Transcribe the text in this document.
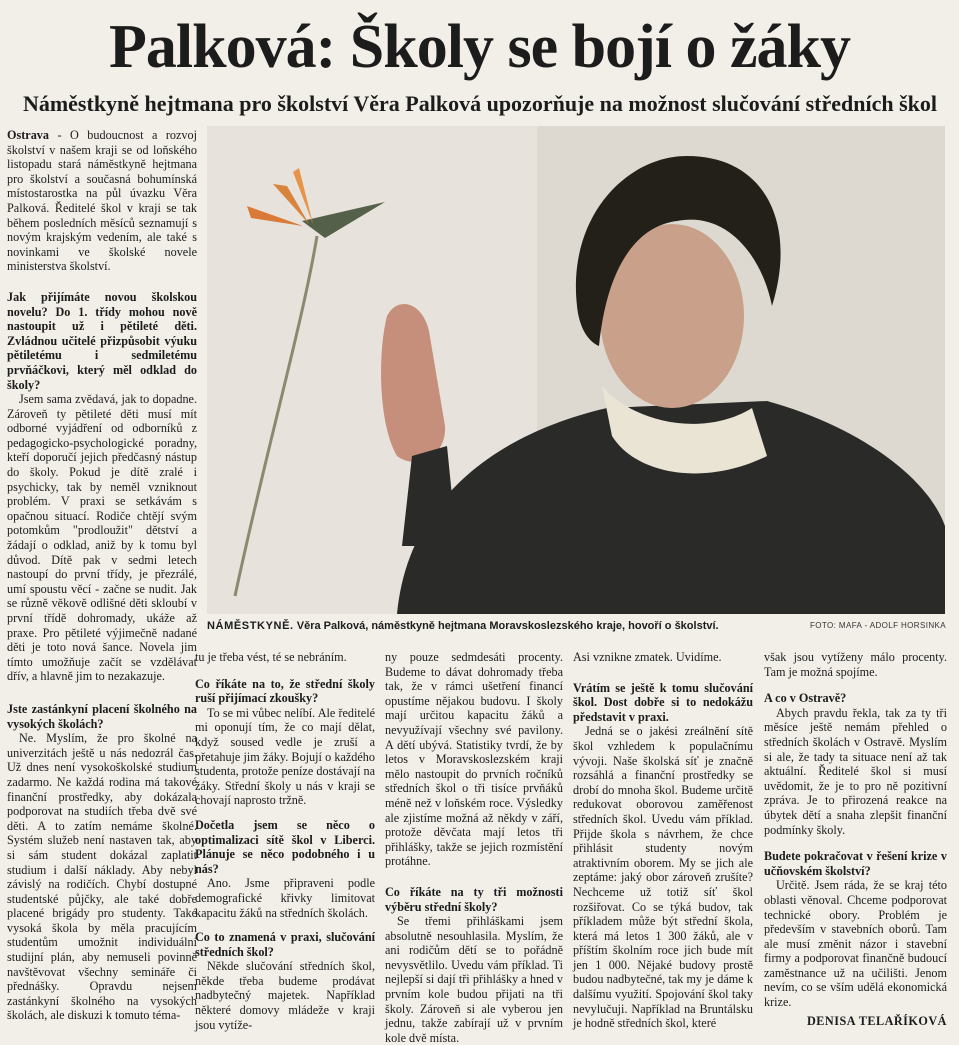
Palková: Školy se bojí o žáky
Náměstkyně hejtmana pro školství Věra Palková upozorňuje na možnost slučování středních škol

Ostrava - O budoucnost a rozvoj školství v našem kraji se od loňského listopadu stará náměstkyně hejtmana pro školství a současná bohumínská místostarostka na půl úvazku Věra Palková. Ředitelé škol v kraji se tak během posledních měsíců seznamují s novým krajským vedením, ale také s novinkami ve školské novele ministerstva školství.

Jak přijímáte novou školskou novelu? Do 1. třídy mohou nově nastoupit už i pětileté děti. Zvládnou učitelé přizpůsobit výuku pětiletému i sedmiletému prvňáčkovi, který měl odklad do školy?

Jsem sama zvědavá, jak to dopadne. Zároveň ty pětileté děti musí mít odborné vyjádření od odborníků z pedagogicko-psychologické poradny, kteří doporučí jejich předčasný nástup do školy. Pokud je dítě zralé i psychicky, tak by neměl vzniknout problém. V praxi se setkávám s opačnou situací. Rodiče chtějí svým potomkům "prodloužit" dětství a žádají o odklad, aniž by k tomu byl důvod. Dítě pak v sedmi letech nastoupí do první třídy, je přezrálé, umí spoustu věcí - začne se nudit. Jak se různě věkově odlišné děti skloubí v první třídě dohromady, ukáže až praxe. Pro pětileté výjimečně nadané děti je toto nová šance. Novela jim tímto umožňuje začít se vzdělávat dřív, a hlavně jim to nezakazuje.

Jste zastánkyní placení školného na vysokých školách?

Ne. Myslím, že pro školné na univerzitách ještě u nás nedozrál čas. Už dnes není vysokoškolské studium zadarmo. Ne každá rodina má takové finanční prostředky, aby dokázala podporovat na studiích třeba dvě své děti. A to zatím nemáme školné. Systém služeb není nastaven tak, aby si sám student dokázal zaplatit studium i další náklady. Aby nebyl závislý na rodičích. Chybí dostupné studentské půjčky, ale také dobře placené brigády pro studenty. Také vysoká škola by měla pracujícím studentům umožnit individuální studijní plán, aby nemuseli povinně navštěvovat všechny semináře či přednášky. Opravdu nejsem zastánkyní školného na vysokých školách, ale diskuzi k tomuto téma-

NÁMĚSTKYNĚ. Věra Palková, náměstkyně hejtmana Moravskoslezského kraje, hovoří o školství.	FOTO: MAFA - ADOLF HORSINKA

tu je třeba vést, té se nebráním.

Co říkáte na to, že střední školy ruší přijímací zkoušky?

To se mi vůbec nelíbí. Ale ředitelé mi oponují tím, že co mají dělat, když soused vedle je zruší a přetahuje jim žáky. Bojují o každého studenta, protože peníze dostávají na žáky. Střední školy u nás v kraji se chovají naprosto tržně.

Dočetla jsem se něco o optimalizaci sítě škol v Liberci. Plánuje se něco podobného i u nás?

Ano. Jsme připraveni podle demografické křivky limitovat kapacitu žáků na středních školách.

Co to znamená v praxi, slučování středních škol?

Někde slučování středních škol, někde třeba budeme prodávat nadbytečný majetek. Například některé domovy mládeže v kraji jsou vytíže-

ny pouze sedmdesáti procenty. Budeme to dávat dohromady třeba tak, že v rámci ušetření financí opustíme nějakou budovu. I školy mají určitou kapacitu žáků a nevyužívají všechny své pavilony. A dětí ubývá. Statistiky tvrdí, že by letos v Moravskoslezském kraji mělo nastoupit do prvních ročníků středních škol o tři tisíce prvňáků méně než v loňském roce. Výsledky ale zjistíme možná až někdy v září, protože děvčata mají letos tři přihlášky, takže se jejich rozmístění protáhne.

Co říkáte na ty tři možnosti výběru střední školy?

Se třemi přihláškami jsem absolutně nesouhlasila. Myslím, že ani rodičům dětí se to pořádně nevysvětlilo. Uvedu vám příklad. Ti nejlepší si dají tři přihlášky a hned v prvním kole budou přijati na tři školy. Zároveň si ale vyberou jen jednu, takže zabírají už v prvním kole dvě místa.

Asi vznikne zmatek. Uvidíme.

Vrátím se ještě k tomu slučování škol. Dost dobře si to nedokážu představit v praxi.

Jedná se o jakési zreálnění sítě škol vzhledem k populačnímu vývoji. Naše školská síť je značně rozsáhlá a finanční prostředky se drobí do mnoha škol. Budeme určitě redukovat oborovou zaměřenost středních škol. Uvedu vám příklad. Přijde škola s návrhem, že chce přihlásit studenty novým atraktivním oborem. My se jich ale zeptáme: jaký obor zároveň zrušíte? Nechceme už totiž síť škol rozšiřovat. Co se týká budov, tak příkladem může být střední škola, která má letos 1 300 žáků, ale v příštím školním roce jich bude mít jen 1 000. Nějaké budovy prostě budou nadbytečné, tak my je dáme k dalšímu využití. Spojování škol taky nevylučuji. Například na Bruntálsku je hodně středních škol, které

však jsou vytíženy málo procenty. Tam je možná spojíme.

A co v Ostravě?

Abych pravdu řekla, tak za ty tři měsíce ještě nemám přehled o středních školách v Ostravě. Myslím si ale, že tady ta situace není až tak aktuální. Ředitelé škol si musí uvědomit, že je to pro ně pozitivní zpráva. Je to přirozená reakce na úbytek dětí a snaha zlepšit finanční podmínky školy.

Budete pokračovat v řešení krize v učňovském školství?

Určitě. Jsem ráda, že se kraj této oblasti věnoval. Chceme podporovat technické obory. Problém je především v stavebních oborů. Tam ale musí změnit názor i stavební firmy a podporovat finančně budoucí zaměstnance už na učilišti. Jenom nevím, co se vším udělá ekonomická krize.

DENISA TELAŘÍKOVÁ
